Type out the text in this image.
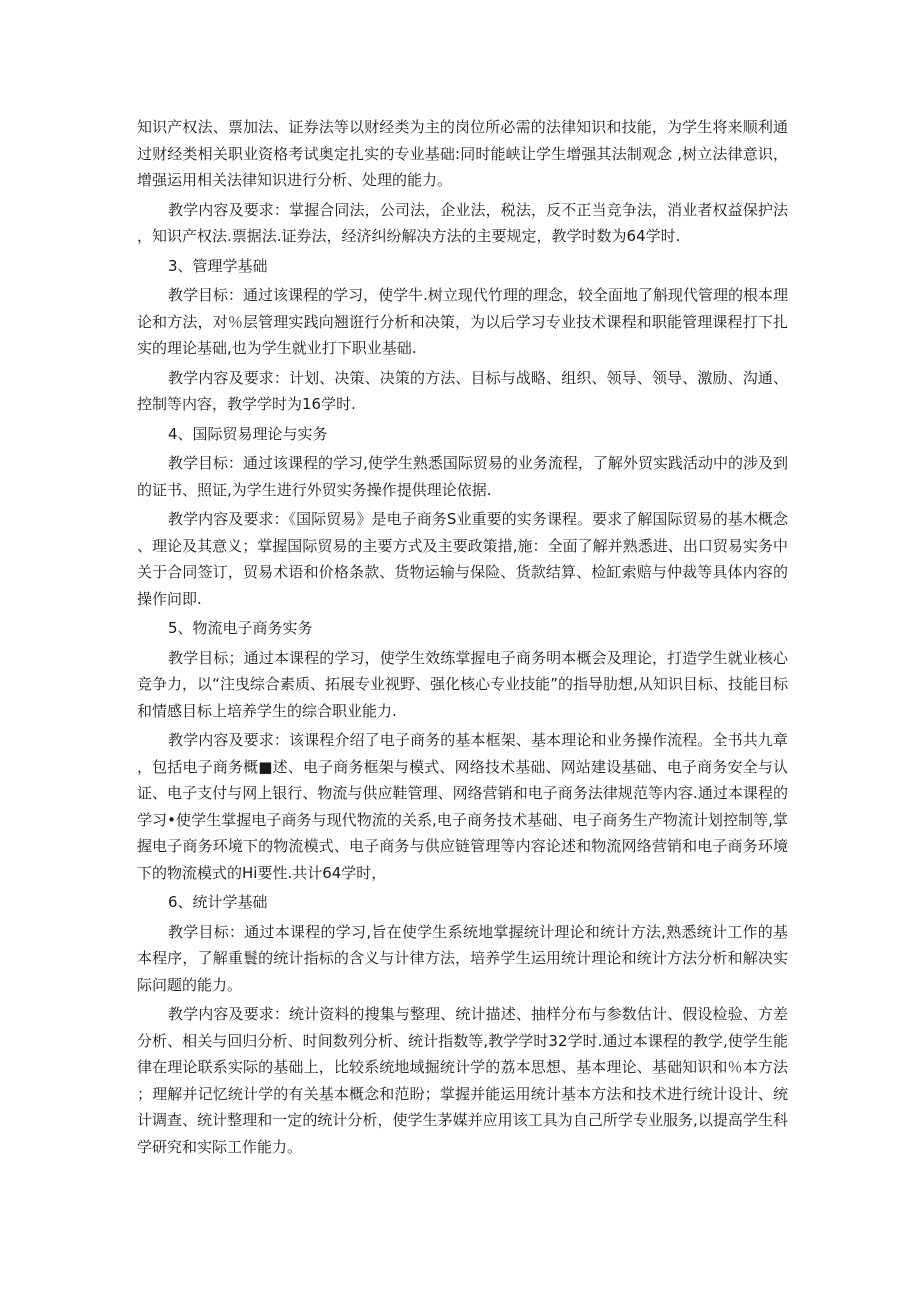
知识产权法、票加法、证券法等以财经类为主的岗位所必需的法律知识和技能，为学生将来顺利通过财经类相关职业资格考试奥定扎实的专业基础:同时能峡让学生增强其法制观念 ,树立法律意识，增强运用相关法律知识进行分析、处理的能力。

教学内容及要求：掌握合同法，公司法，企业法，税法，反不正当竞争法，消业者权益保护法，知识产权法.票据法.证券法，经济纠纷解决方法的主要规定，教学时数为64学时.

3、管理学基础

教学目标：通过该课程的学习，使学牛.树立现代竹理的理念，较全面地了斛现代管理的根本理论和方法，对％层管理实践向翘诳行分析和决策，为以后学习专业技术课程和职能管理课程打下扎实的理论基础,也为学生就业打下职业基础.

教学内容及要求：计划、决策、决策的方法、目标与战略、组织、领导、领导、激励、沟通、控制等内容，教学学时为16学时.

4、国际贸易理论与实务

教学目标：通过该课程的学习,使学生熟悉国际贸易的业务流程，了解外贸实践活动中的涉及到的证书、照证,为学生进行外贸实务操作提供理论依据.

教学内容及要求：《国际贸易》是电子商务S业重要的实务课程。要求了解国际贸易的基木概念、理论及其意义；掌握国际贸易的主要方式及主要政策措,施：全面了解并熟悉进、出口贸易实务中关于合同签订，贸易术语和价格条款、货物运输与保险、货款结算、检缸索赔与仲裁等具体内容的操作问即.

5、物流电子商务实务

教学目标；通过本课程的学习，使学生效练掌握电子商务明本概会及理论，打造学生就业核心竞争力，以“注曳综合素质、拓展专业视野、强化核心专业技能”的指导肋想,从知识目标、技能目标和情感目标上培养学生的综合职业能力.

教学内容及要求：该课程介绍了电子商务的基本框架、基本理论和业务操作流程。全书共九章，包括电子商务概■述、电子商务框架与模式、网络技术基础、网站建设基础、电子商务安全与认证、电子支付与网上银行、物流与供应鞋管理、网络营销和电子商务法律规范等内容.通过本课程的学习•使学生掌握电子商务与现代物流的关系,电子商务技术基础、电子商务生产物流计划控制等,掌握电子商务环境下的物流模式、电子商务与供应链管理等内容论述和物流网络营销和电子商务环境下的物流模式的Hi要性.共计64学时，

6、统计学基础

教学目标：通过本课程的学习,旨在使学生系统地掌握统计理论和统计方法,熟悉统计工作的基本程序，了解重鬟的统计指标的含义与计律方法，培养学生运用统计理论和统计方法分析和解决实际问题的能力。

教学内容及要求：统计资料的搜集与整理、统计描述、抽样分布与参数估计、假设检验、方差分析、相关与回归分析、时间数列分析、统计指数等,教学学时32学时.通过本课程的教学,使学生能律在理论联系实际的基础上，比较系统地域掘统计学的荔本思想、基本理论、基础知识和％本方法；理解并记忆统计学的有关基本概念和范盼；掌握并能运用统计基本方法和技术进行统计设计、统计调查、统计整理和一定的统计分析，使学生茅媒并应用该工具为自己所学专业服务,以提高学生科学研究和实际工作能力。
